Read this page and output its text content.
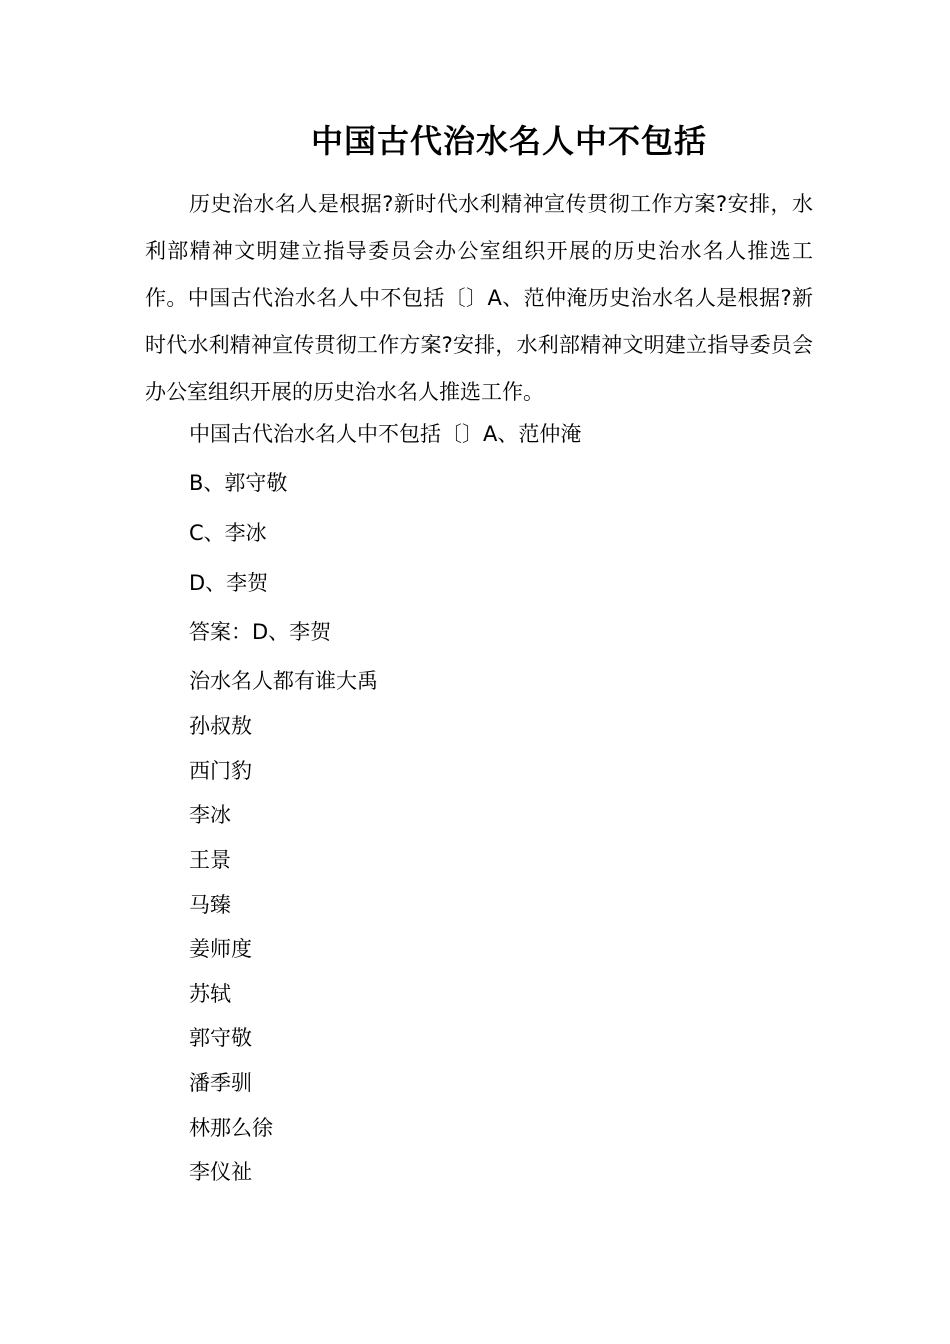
中国古代治水名人中不包括

历史治水名人是根据?新时代水利精神宣传贯彻工作方案?安排，水利部精神文明建立指导委员会办公室组织开展的历史治水名人推选工作。中国古代治水名人中不包括〔〕A、范仲淹历史治水名人是根据?新时代水利精神宣传贯彻工作方案?安排，水利部精神文明建立指导委员会办公室组织开展的历史治水名人推选工作。

中国古代治水名人中不包括〔〕A、范仲淹

B、郭守敬

C、李冰

D、李贺

答案：D、李贺

治水名人都有谁大禹

孙叔敖

西门豹

李冰

王景

马臻

姜师度

苏轼

郭守敬

潘季驯

林那么徐

李仪祉
